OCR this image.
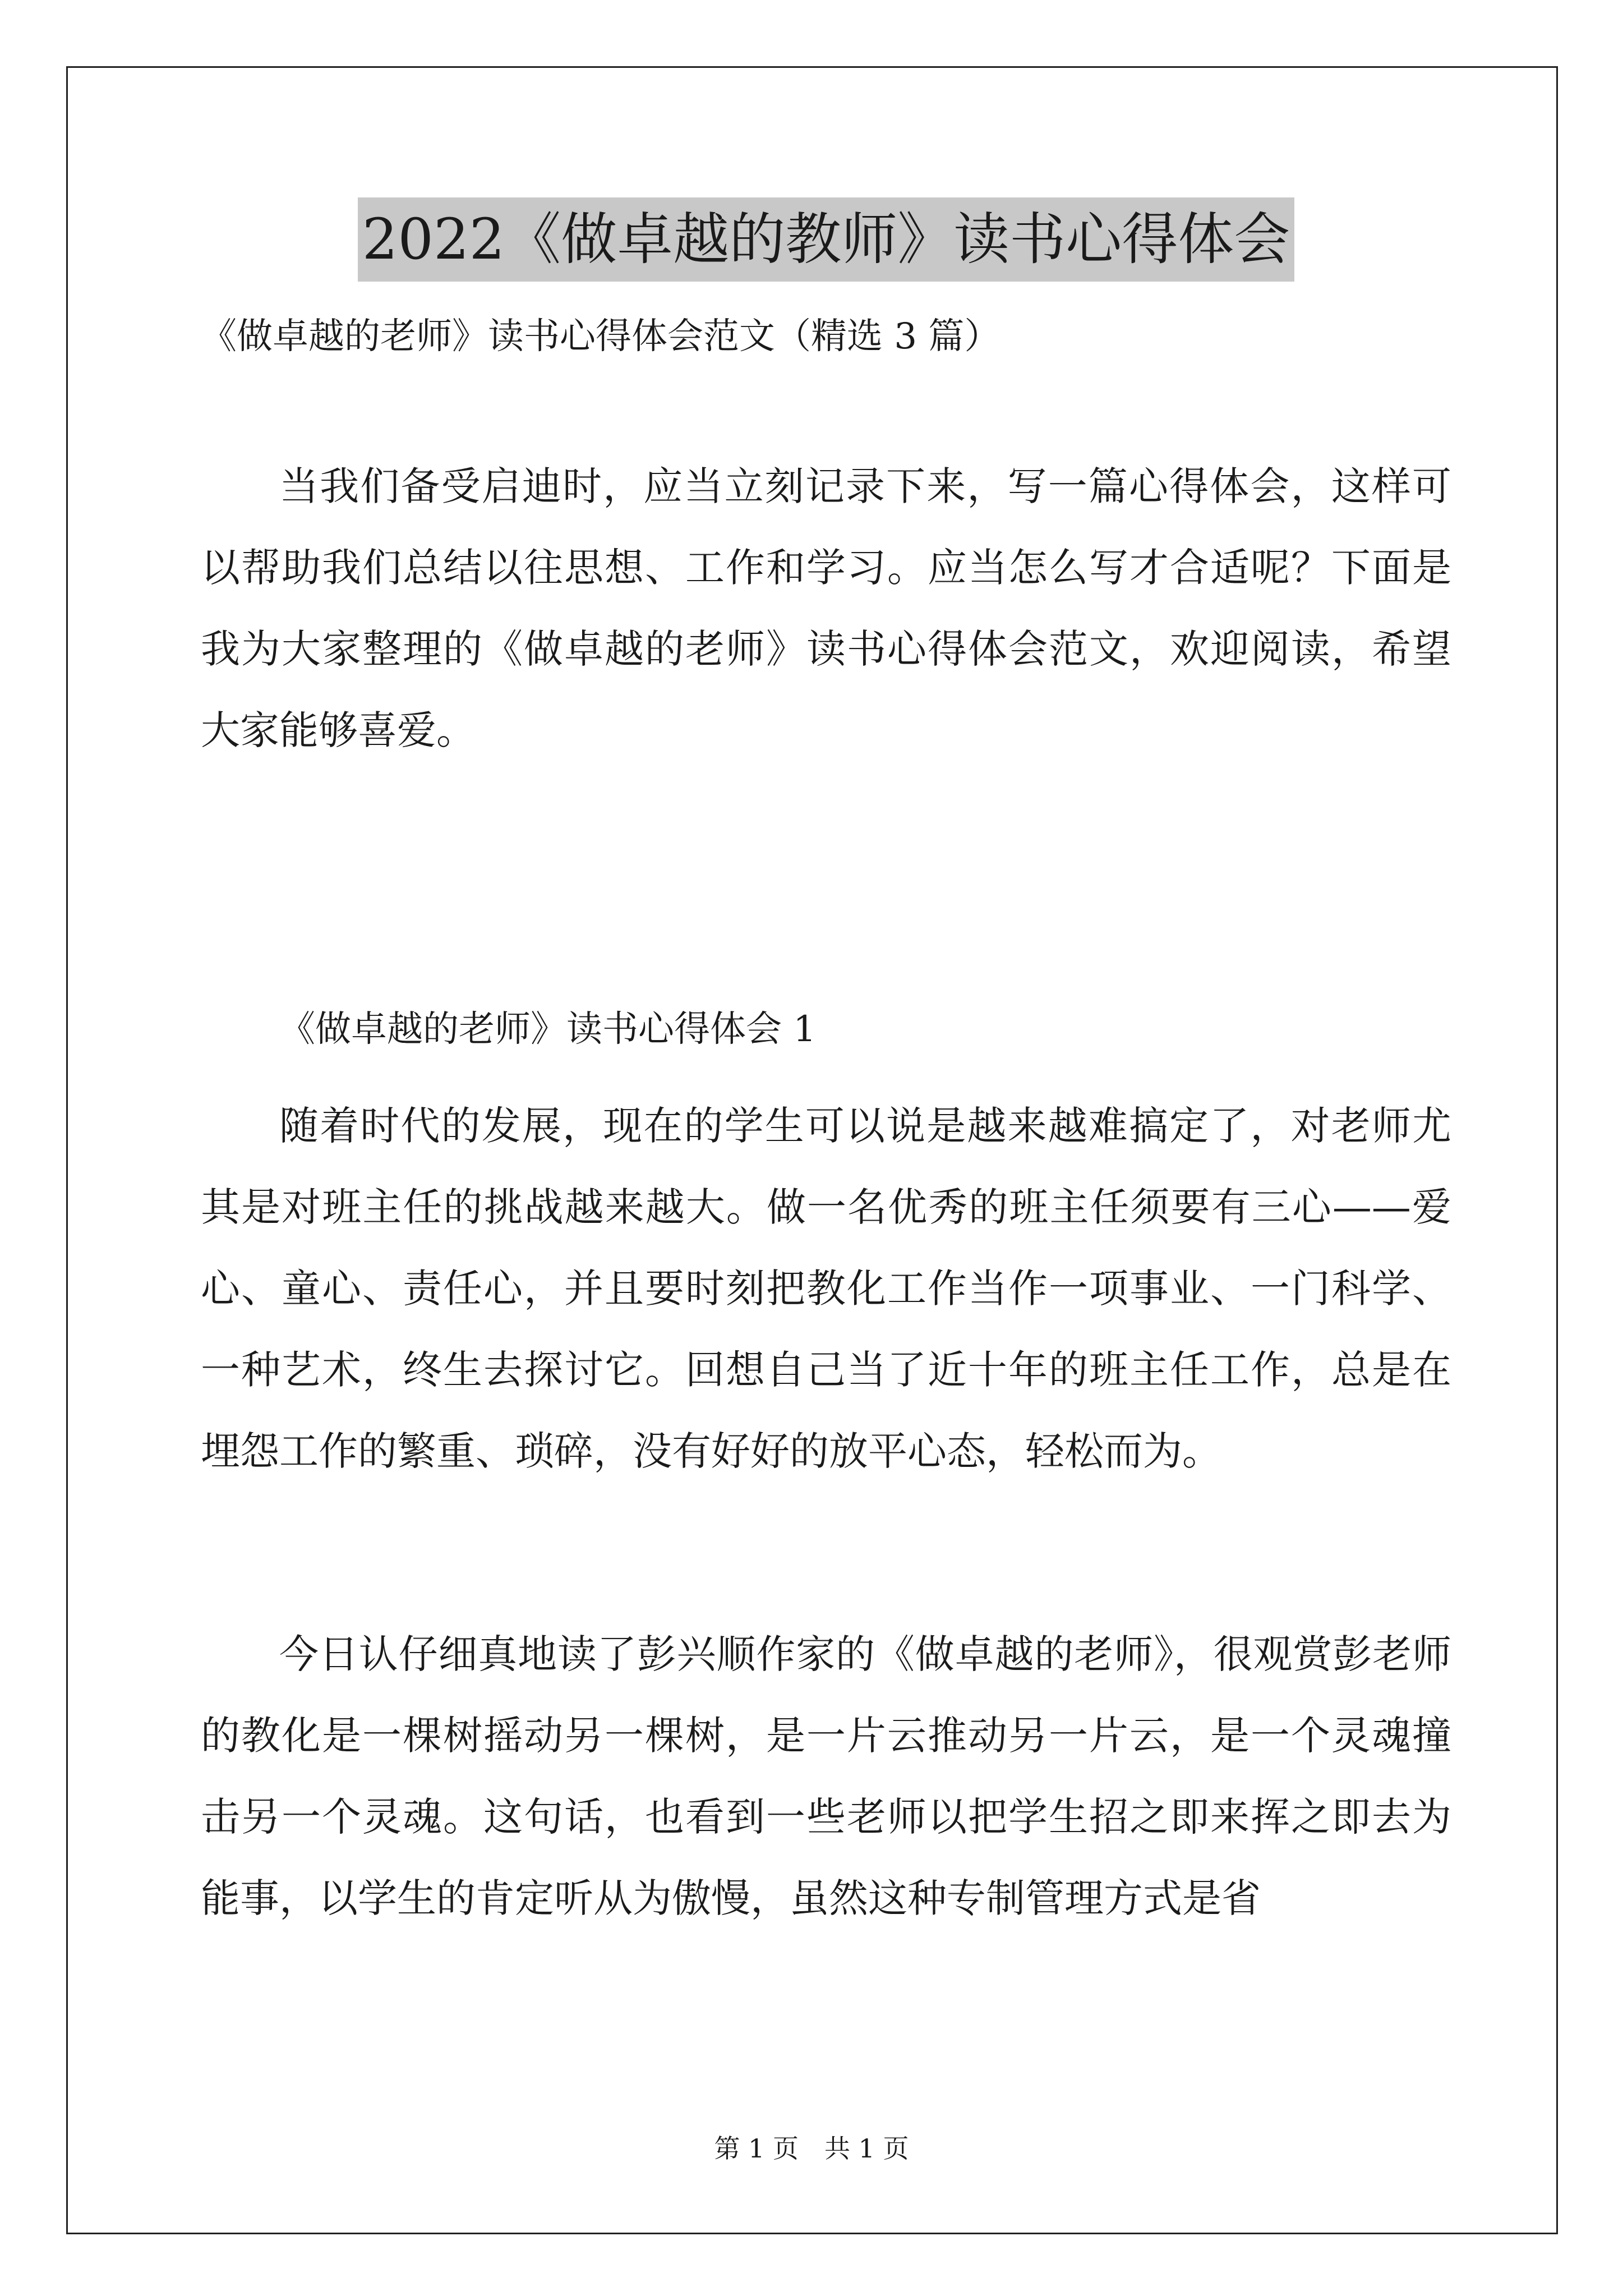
2022《做卓越的教师》读书心得体会
《做卓越的老师》读书心得体会范文（精选 3 篇）
当我们备受启迪时，应当立刻记录下来，写一篇心得体会，这样可以帮助我们总结以往思想、工作和学习。应当怎么写才合适呢？下面是我为大家整理的《做卓越的老师》读书心得体会范文，欢迎阅读，希望大家能够喜爱。
《做卓越的老师》读书心得体会 1
随着时代的发展，现在的学生可以说是越来越难搞定了，对老师尤其是对班主任的挑战越来越大。做一名优秀的班主任须要有三心——爱心、童心、责任心，并且要时刻把教化工作当作一项事业、一门科学、一种艺术，终生去探讨它。回想自己当了近十年的班主任工作，总是在埋怨工作的繁重、琐碎，没有好好的放平心态，轻松而为。
今日认仔细真地读了彭兴顺作家的《做卓越的老师》，很观赏彭老师的教化是一棵树摇动另一棵树，是一片云推动另一片云，是一个灵魂撞击另一个灵魂。这句话，也看到一些老师以把学生招之即来挥之即去为能事，以学生的肯定听从为傲慢，虽然这种专制管理方式是省
第 1 页　共 1 页
